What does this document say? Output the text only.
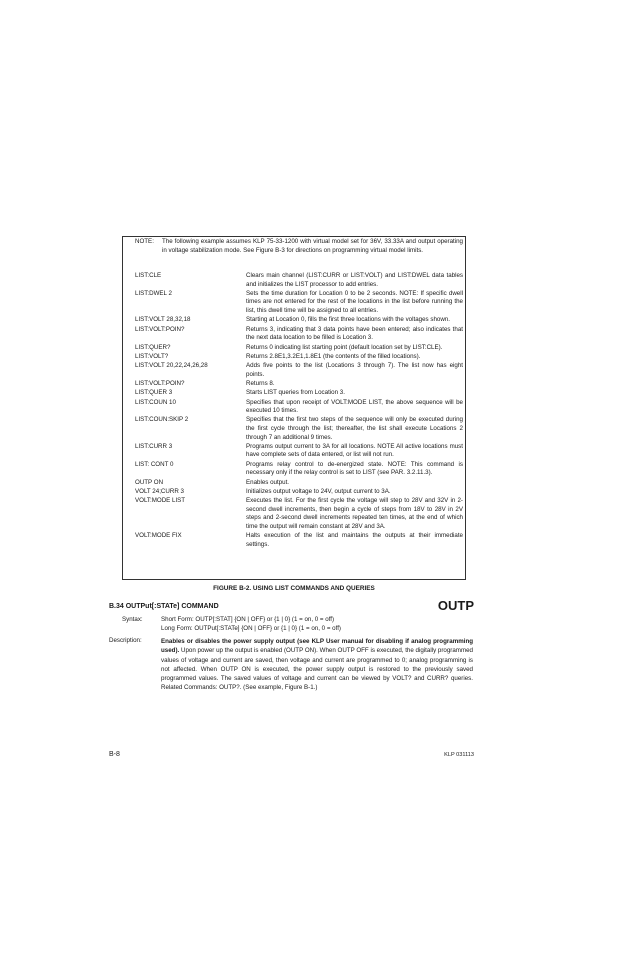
NOTE: The following example assumes KLP 75-33-1200 with virtual model set for 36V, 33.33A and output operating in voltage stabilization mode. See Figure B-3 for directions on programming virtual model limits.
LIST:CLE	Clears main channel (LIST:CURR or LIST:VOLT) and LIST:DWEL data tables and initializes the LIST processor to add entries.
LIST:DWEL 2	Sets the time duration for Location 0 to be 2 seconds. NOTE: If specific dwell times are not entered for the rest of the locations in the list before running the list, this dwell time will be assigned to all entries.
LIST:VOLT 28,32,18	Starting at Location 0, fills the first three locations with the voltages shown.
LIST:VOLT:POIN?	Returns 3, indicating that 3 data points have been entered; also indicates that the next data location to be filled is Location 3.
LIST:QUER?	Returns 0 indicating list starting point (default location set by LIST:CLE).
LIST:VOLT?	Returns 2.8E1,3.2E1,1.8E1 (the contents of the filled locations).
LIST:VOLT 20,22,24,26,28	Adds five points to the list (Locations 3 through 7). The list now has eight points.
LIST:VOLT:POIN?	Returns 8.
LIST:QUER 3	Starts LIST queries from Location 3.
LIST:COUN 10	Specifies that upon receipt of VOLT:MODE LIST, the above sequence will be executed 10 times.
LIST:COUN:SKIP 2	Specifies that the first two steps of the sequence will only be executed during the first cycle through the list; thereafter, the list shall execute Locations 2 through 7 an additional 9 times.
LIST:CURR 3	Programs output current to 3A for all locations. NOTE All active locations must have complete sets of data entered, or list will not run.
LIST: CONT 0	Programs relay control to de-energized state. NOTE: This command is necessary only if the relay control is set to LIST (see PAR. 3.2.11.3).
OUTP ON	Enables output.
VOLT 24;CURR 3	Initializes output voltage to 24V, output current to 3A.
VOLT:MODE LIST	Executes the list. For the first cycle the voltage will step to 28V and 32V in 2-second dwell increments, then begin a cycle of steps from 18V to 28V in 2V steps and 2-second dwell increments repeated ten times, at the end of which time the output will remain constant at 28V and 3A.
VOLT:MODE FIX	Halts execution of the list and maintains the outputs at their immediate settings.
FIGURE B-2. USING LIST COMMANDS AND QUERIES
B.34 OUTPut[:STATe] COMMAND	OUTP
Syntax:	Short Form: OUTP[:STAT] {ON | OFF} or {1 | 0} (1 = on, 0 = off)
Long Form: OUTPut[:STATe] {ON | OFF} or {1 | 0} (1 = on, 0 = off)
Description:	Enables or disables the power supply output (see KLP User manual for disabling if analog programming used). Upon power up the output is enabled (OUTP ON). When OUTP OFF is executed, the digitally programmed values of voltage and current are saved, then voltage and current are programmed to 0; analog programming is not affected. When OUTP ON is executed, the power supply output is restored to the previously saved programmed values. The saved values of voltage and current can be viewed by VOLT? and CURR? queries. Related Commands: OUTP?. (See example, Figure B-1.)
B-8	KLP 031113
